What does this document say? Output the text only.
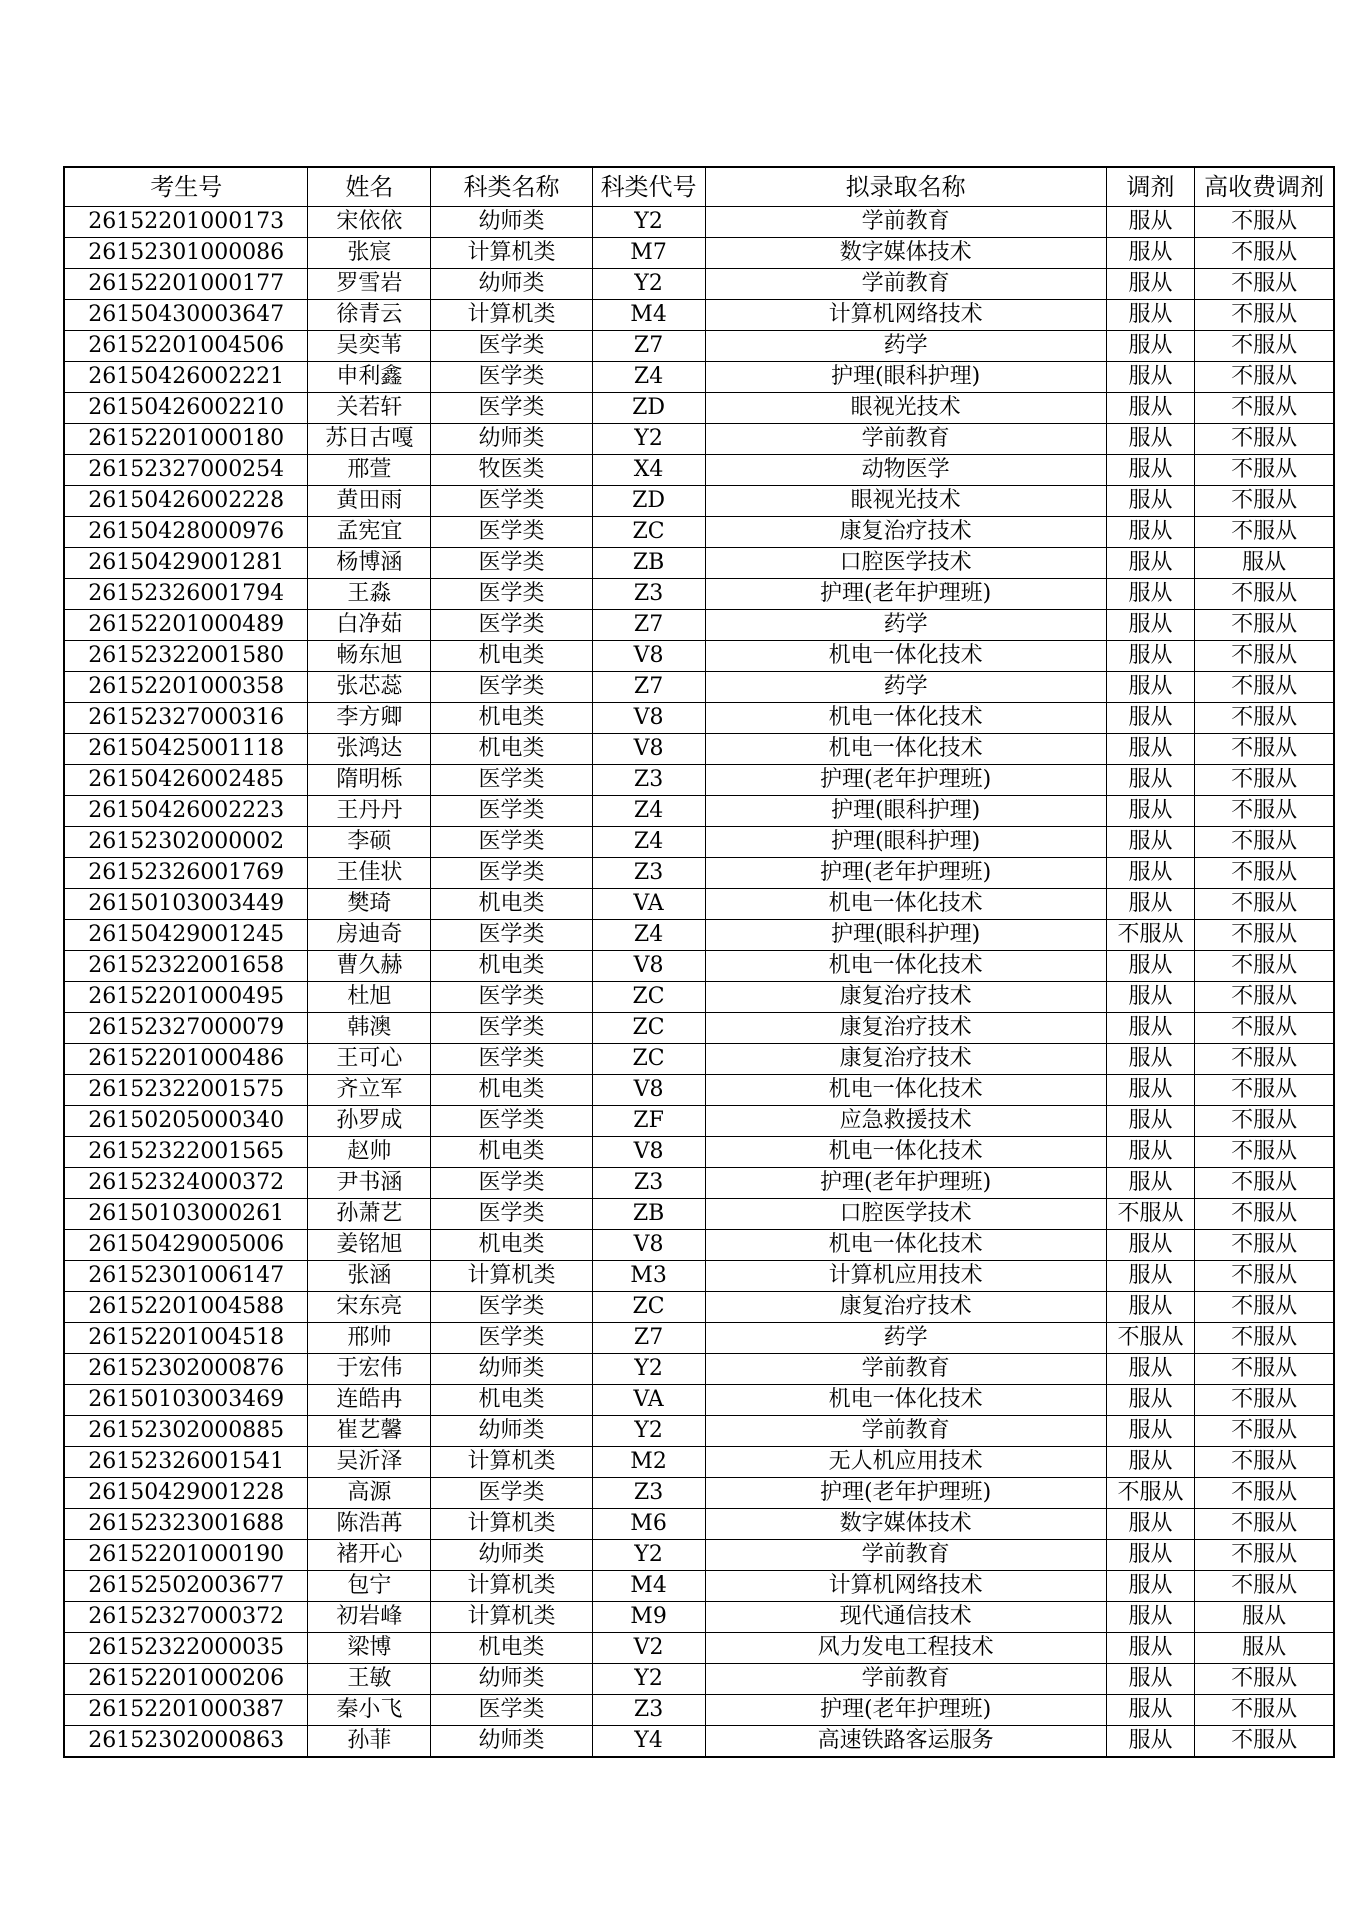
考生号	姓名	科类名称	科类代号	拟录取名称	调剂	高收费调剂
26152201000173	宋依依	幼师类	Y2	学前教育	服从	不服从
26152301000086	张宸	计算机类	M7	数字媒体技术	服从	不服从
26152201000177	罗雪岩	幼师类	Y2	学前教育	服从	不服从
26150430003647	徐青云	计算机类	M4	计算机网络技术	服从	不服从
26152201004506	吴奕苇	医学类	Z7	药学	服从	不服从
26150426002221	申利鑫	医学类	Z4	护理(眼科护理)	服从	不服从
26150426002210	关若轩	医学类	ZD	眼视光技术	服从	不服从
26152201000180	苏日古嘎	幼师类	Y2	学前教育	服从	不服从
26152327000254	邢萱	牧医类	X4	动物医学	服从	不服从
26150426002228	黄田雨	医学类	ZD	眼视光技术	服从	不服从
26150428000976	孟宪宜	医学类	ZC	康复治疗技术	服从	不服从
26150429001281	杨博涵	医学类	ZB	口腔医学技术	服从	服从
26152326001794	王淼	医学类	Z3	护理(老年护理班)	服从	不服从
26152201000489	白净茹	医学类	Z7	药学	服从	不服从
26152322001580	畅东旭	机电类	V8	机电一体化技术	服从	不服从
26152201000358	张芯蕊	医学类	Z7	药学	服从	不服从
26152327000316	李方卿	机电类	V8	机电一体化技术	服从	不服从
26150425001118	张鸿达	机电类	V8	机电一体化技术	服从	不服从
26150426002485	隋明栎	医学类	Z3	护理(老年护理班)	服从	不服从
26150426002223	王丹丹	医学类	Z4	护理(眼科护理)	服从	不服从
26152302000002	李硕	医学类	Z4	护理(眼科护理)	服从	不服从
26152326001769	王佳状	医学类	Z3	护理(老年护理班)	服从	不服从
26150103003449	樊琦	机电类	VA	机电一体化技术	服从	不服从
26150429001245	房迪奇	医学类	Z4	护理(眼科护理)	不服从	不服从
26152322001658	曹久赫	机电类	V8	机电一体化技术	服从	不服从
26152201000495	杜旭	医学类	ZC	康复治疗技术	服从	不服从
26152327000079	韩澳	医学类	ZC	康复治疗技术	服从	不服从
26152201000486	王可心	医学类	ZC	康复治疗技术	服从	不服从
26152322001575	齐立军	机电类	V8	机电一体化技术	服从	不服从
26150205000340	孙罗成	医学类	ZF	应急救援技术	服从	不服从
26152322001565	赵帅	机电类	V8	机电一体化技术	服从	不服从
26152324000372	尹书涵	医学类	Z3	护理(老年护理班)	服从	不服从
26150103000261	孙萧艺	医学类	ZB	口腔医学技术	不服从	不服从
26150429005006	姜铭旭	机电类	V8	机电一体化技术	服从	不服从
26152301006147	张涵	计算机类	M3	计算机应用技术	服从	不服从
26152201004588	宋东亮	医学类	ZC	康复治疗技术	服从	不服从
26152201004518	邢帅	医学类	Z7	药学	不服从	不服从
26152302000876	于宏伟	幼师类	Y2	学前教育	服从	不服从
26150103003469	连皓冉	机电类	VA	机电一体化技术	服从	不服从
26152302000885	崔艺馨	幼师类	Y2	学前教育	服从	不服从
26152326001541	吴沂泽	计算机类	M2	无人机应用技术	服从	不服从
26150429001228	高源	医学类	Z3	护理(老年护理班)	不服从	不服从
26152323001688	陈浩苒	计算机类	M6	数字媒体技术	服从	不服从
26152201000190	褚开心	幼师类	Y2	学前教育	服从	不服从
26152502003677	包宁	计算机类	M4	计算机网络技术	服从	不服从
26152327000372	初岩峰	计算机类	M9	现代通信技术	服从	服从
26152322000035	梁博	机电类	V2	风力发电工程技术	服从	服从
26152201000206	王敏	幼师类	Y2	学前教育	服从	不服从
26152201000387	秦小飞	医学类	Z3	护理(老年护理班)	服从	不服从
26152302000863	孙菲	幼师类	Y4	高速铁路客运服务	服从	不服从
